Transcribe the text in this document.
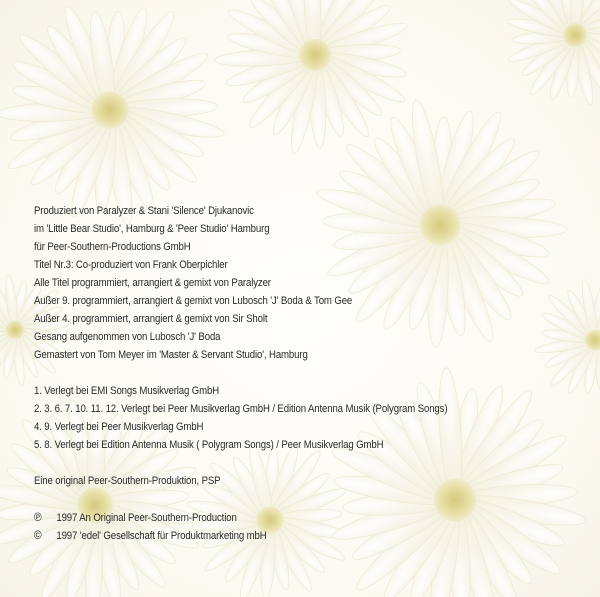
Produziert von Paralyzer & Stani 'Silence' Djukanovic
im 'Little Bear Studio', Hamburg & 'Peer Studio' Hamburg
für Peer-Southern-Productions GmbH
Titel Nr.3: Co-produziert von Frank Oberpichler
Alle Titel programmiert, arrangiert & gemixt von Paralyzer
Außer 9. programmiert, arrangiert & gemixt von Lubosch 'J' Boda & Tom Gee
Außer 4. programmiert, arrangiert & gemixt von Sir Sholt
Gesang aufgenommen von Lubosch 'J' Boda
Gemastert von Tom Meyer im 'Master & Servant Studio', Hamburg
1. Verlegt bei EMI Songs Musikverlag GmbH
2. 3. 6. 7. 10. 11. 12. Verlegt bei Peer Musikverlag GmbH / Edition Antenna Musik (Polygram Songs)
4. 9. Verlegt bei Peer Musikverlag GmbH
5. 8. Verlegt bei Edition Antenna Musik ( Polygram Songs) / Peer Musikverlag GmbH
Eine original Peer-Southern-Produktion, PSP
℗ 1997 An Original Peer-Southern-Production
© 1997 'edel' Gesellschaft für Produktmarketing mbH
